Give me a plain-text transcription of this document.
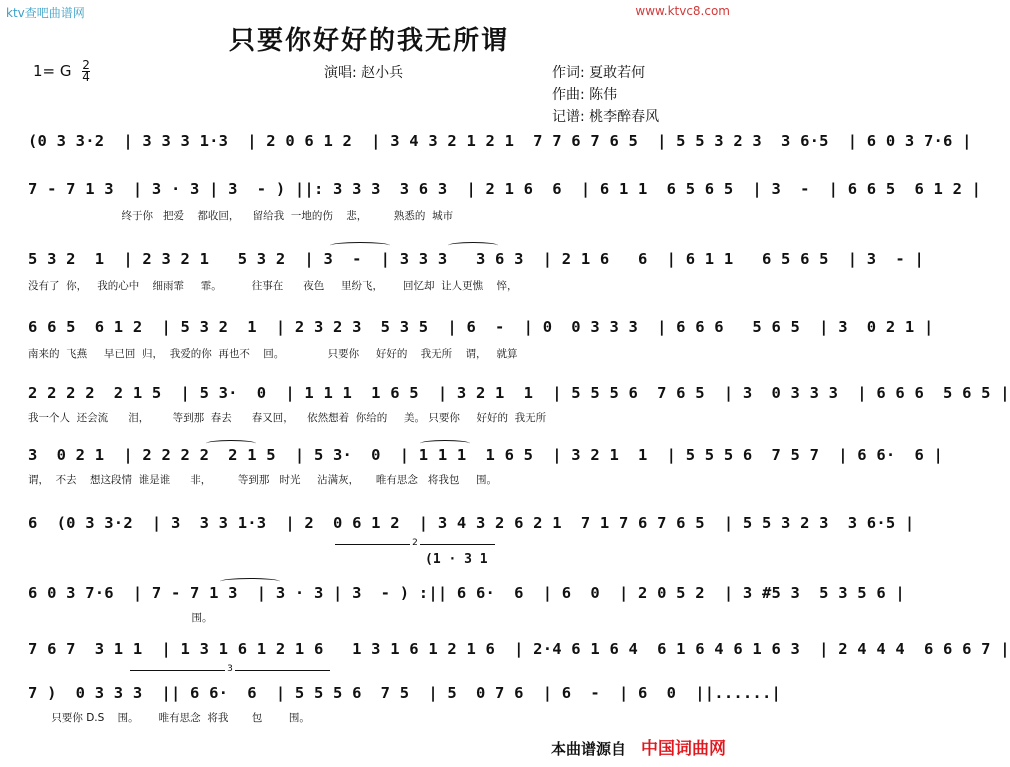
ktv查吧曲谱网	www.ktvc8.com
只要你好好的我无所谓
1= G $\frac{2}{4}$	演唱: 赵小兵	作词: 夏敢若何
作曲: 陈伟
记谱: 桃李醉春风
(0 3 3·2  | 3 3 3 1·3  | 2 0 6 1 2  | 3 4 3 2 1 2 1  7 7 6 7 6 5  | 5 5 3 2 3  3 6·5  | 6 0 3 7·6 |
7 - 7 1 3  | 3 · 3 | 3  - ) ||: 3 3 3  3 6 3  | 2 1 6  6  | 6 1 1  6 5 6 5  | 3  -  | 6 6 5  6 1 2 |
终于你   把爱    都收回，    留给我  一地的伤    悲，        熟悉的  城市
5 3 2  1  | 2 3 2 1   5 3 2  | 3  -  | 3 3 3   3 6 3  | 2 1 6   6  | 6 1 1   6 5 6 5  | 3  - |
没有了  你，   我的心中    细雨霏     霏。         往事在      夜色     里纷飞，      回忆却  让人更憔    悴，
6 6 5  6 1 2  | 5 3 2  1  | 2 3 2 3  5 3 5  | 6  -  | 0  0 3 3 3  | 6 6 6   5 6 5  | 3  0 2 1 |
南来的  飞燕     早已回  归，  我爱的你  再也不    回。             只要你     好好的    我无所    谓，   就算
2 2 2 2  2 1 5  | 5 3·  0  | 1 1 1  1 6 5  | 3 2 1  1  | 5 5 5 6  7 6 5  | 3  0 3 3 3  | 6 6 6  5 6 5 |
我一个人  还会流      泪，       等到那  春去      春又回，    依然想着  你给的     美。 只要你     好好的  我无所
3  0 2 1  | 2 2 2 2  2 1 5  | 5 3·  0  | 1 1 1  1 6 5  | 3 2 1  1  | 5 5 5 6  7 5 7  | 6 6·  6 |
谓，  不去    想这段情  谁是谁      非，        等到那   时光     沾满灰，     唯有思念   将我包     围。
6  (0 3 3·2  | 3  3 3 1·3  | 2  0 6 1 2  | 3 4 3 2 6 2 1  7 1 7 6 7 6 5  | 5 5 3 2 3  3 6·5 |
2
(1 · 3 1
6 0 3 7·6  | 7 - 7 1 3  | 3 · 3 | 3  - ) :|| 6 6·  6  | 6  0  | 2 0 5 2  | 3 #5 3  5 3 5 6 |
围。
7 6 7  3 1 1  | 1 3 1 6 1 2 1 6   1 3 1 6 1 2 1 6  | 2·4 6 1 6 4  6 1 6 4 6 1 6 3  | 2 4 4 4  6 6 6 7 |
3
7 )  0 3 3 3  || 6 6·  6  | 5 5 5 6  7 5  | 5  0 7 6  | 6  -  | 6  0  ||......|
只要你 D.S    围。      唯有思念  将我       包        围。
本曲谱源自 中国词曲网
